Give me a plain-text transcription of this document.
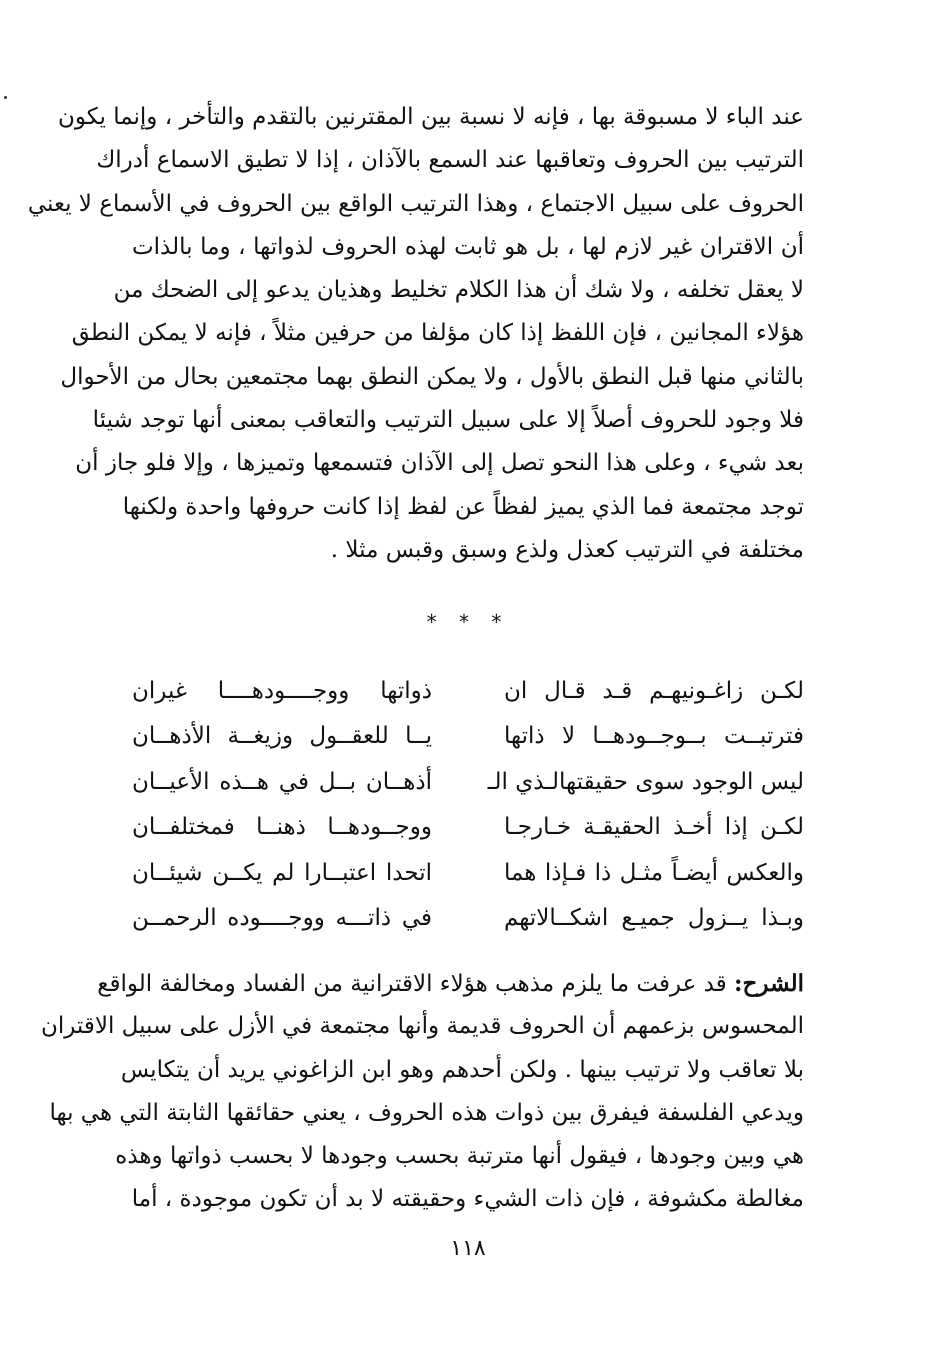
عند الباء لا مسبوقة بها ، فإنه لا نسبة بين المقترنين بالتقدم والتأخر ، وإنما يكون
الترتيب بين الحروف وتعاقبها عند السمع بالآذان ، إذا لا تطيق الاسماع أدراك
الحروف على سبيل الاجتماع ، وهذا الترتيب الواقع بين الحروف في الأسماع لا يعني
أن الاقتران غير لازم لها ، بل هو ثابت لهذه الحروف لذواتها ، وما بالذات
لا يعقل تخلفه ، ولا شك أن هذا الكلام تخليط وهذيان يدعو إلى الضحك من
هؤلاء المجانين ، فإن اللفظ إذا كان مؤلفا من حرفين مثلاً ، فإنه لا يمكن النطق
بالثاني منها قبل النطق بالأول ، ولا يمكن النطق بهما مجتمعين بحال من الأحوال
فلا وجود للحروف أصلاً إلا على سبيل الترتيب والتعاقب بمعنى أنها توجد شيئا
بعد شيء ، وعلى هذا النحو تصل إلى الآذان فتسمعها وتميزها ، وإلا فلو جاز أن
توجد مجتمعة فما الذي يميز لفظاً عن لفظ إذا كانت حروفها واحدة ولكنها
مختلفة في الترتيب كعذل ولذع وسبق وقبس مثلا .
* * *
لكـن زاغـونيهـم قـد قـال ان
ذواتها ووجــــودهــــا غيران
فترتبــت بــوجــودهــا لا ذاتها
يــا للعقــول وزيغــة الأذهــان
ليس الوجود سوى حقيقتهالـذي الـ
أذهــان بــل في هــذه الأعيــان
لكـن إذا أخـذ الحقيقـة خـارجـا
ووجــودهــا ذهنــا فمختلفــان
والعكس أيضـاً مثـل ذا فـإذا هما
اتحدا اعتبــارا لم يكــن شيئــان
وبـذا يــزول جميـع اشكــالاتهم
في ذاتـــه ووجــــوده الرحمــن
الشرح: قد عرفت ما يلزم مذهب هؤلاء الاقترانية من الفساد ومخالفة الواقع
المحسوس بزعمهم أن الحروف قديمة وأنها مجتمعة في الأزل على سبيل الاقتران
بلا تعاقب ولا ترتيب بينها . ولكن أحدهم وهو ابن الزاغوني يريد أن يتكايس
ويدعي الفلسفة فيفرق بين ذوات هذه الحروف ، يعني حقائقها الثابتة التي هي بها
هي وبين وجودها ، فيقول أنها مترتبة بحسب وجودها لا بحسب ذواتها وهذه
مغالطة مكشوفة ، فإن ذات الشيء وحقيقته لا بد أن تكون موجودة ، أما
١١٨
